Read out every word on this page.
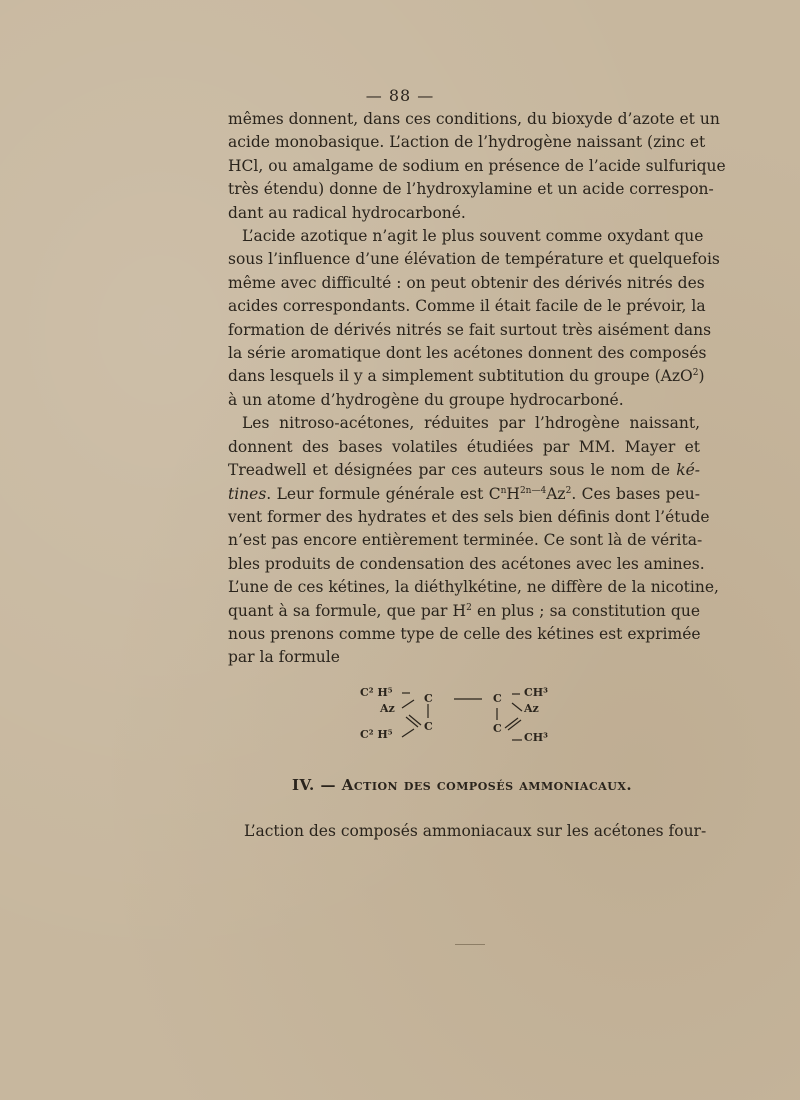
— 88 —
mêmes donnent, dans ces conditions, du bioxyde d’azote et un
acide monobasique. L’action de l’hydrogène naissant (zinc et
HCl, ou amalgame de sodium en présence de l’acide sulfurique
très étendu) donne de l’hydroxylamine et un acide correspon-
dant au radical hydrocarboné.
L’acide azotique n’agit le plus souvent comme oxydant que
sous l’influence d’une élévation de température et quelquefois
même avec difficulté : on peut obtenir des dérivés nitrés des
acides correspondants. Comme il était facile de le prévoir, la
formation de dérivés nitrés se fait surtout très aisément dans
la série aromatique dont les acétones donnent des composés
dans lesquels il y a simplement subtitution du groupe (AzO$^2$)
à un atome d’hydrogène du groupe hydrocarboné.
Les nitroso-acétones, réduites par l’hdrogène naissant,
donnent des bases volatiles étudiées par MM. Mayer et
Treadwell et désignées par ces auteurs sous le nom de ké-
tines. Leur formule générale est $C^nH^{2n—4}Az^2$. Ces bases peu-
vent former des hydrates et des sels bien définis dont l’étude
n’est pas encore entièrement terminée. Ce sont là de vérita-
bles produits de condensation des acétones avec les amines.
L’une de ces kétines, la diéthylkétine, ne diffère de la nicotine,
quant à sa formule, que par $H^2$ en plus ; sa constitution que
nous prenons comme type de celle des kétines est exprimée
par la formule
C² H⁵
Az
C
C
C² H⁵
C CH³
Az
C
CH³
IV. — Action des composés ammoniacaux.
L’action des composés ammoniacaux sur les acétones four-
